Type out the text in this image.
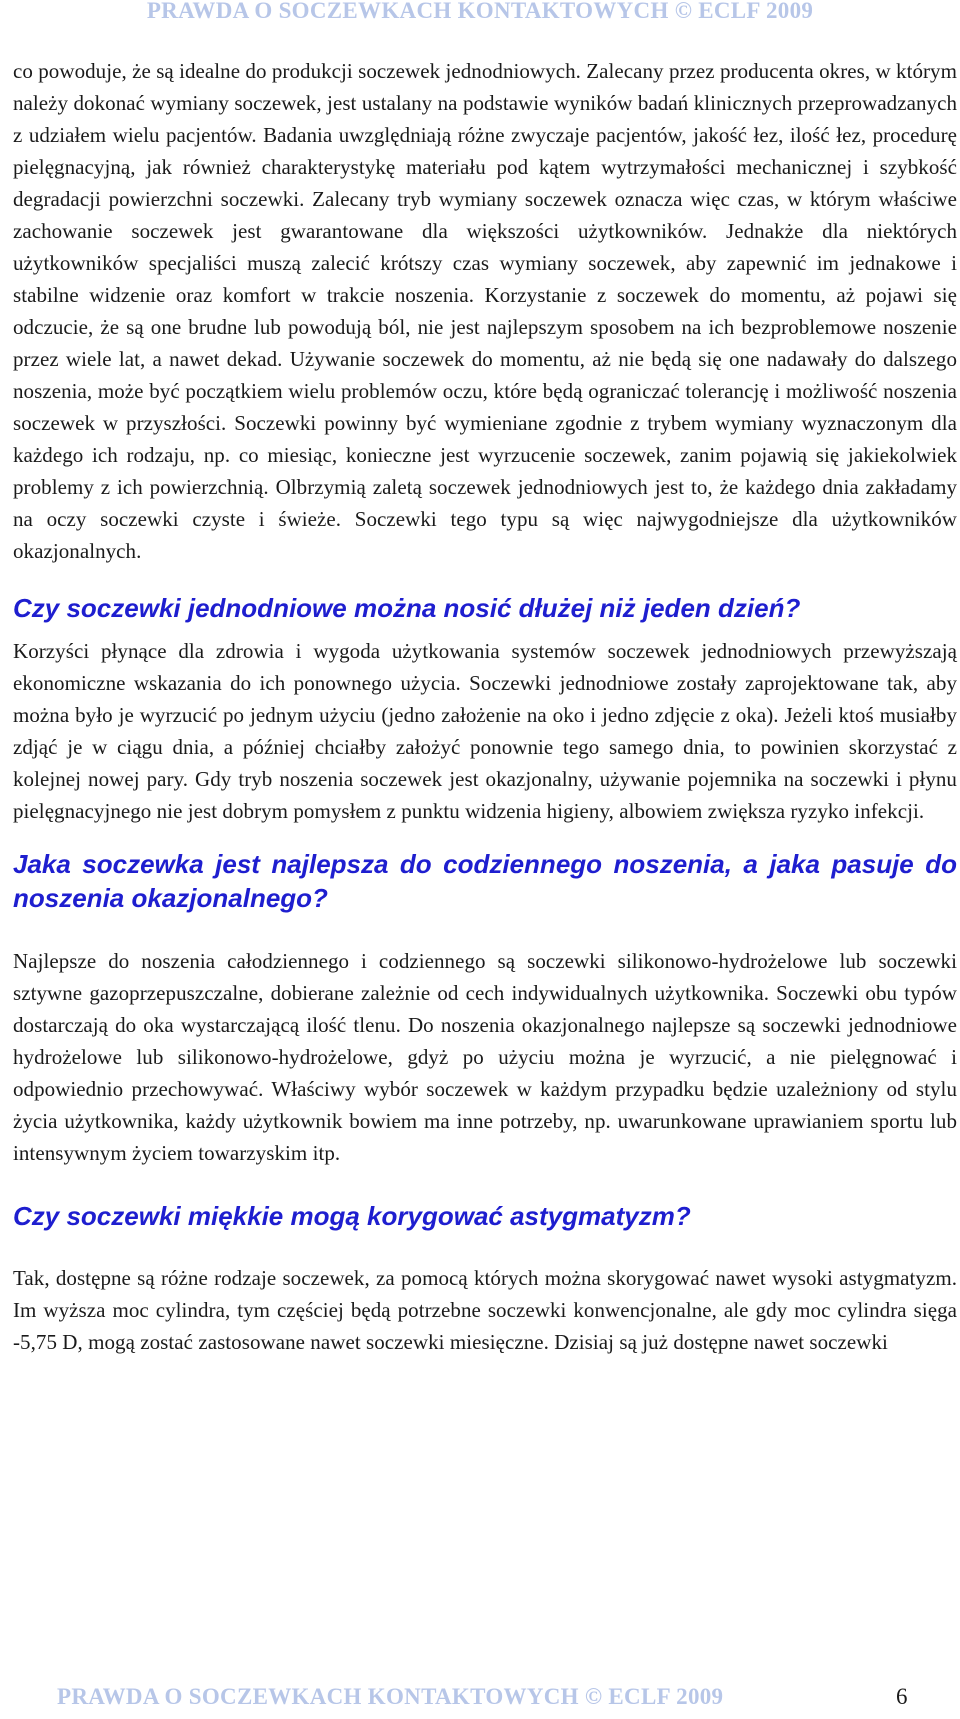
PRAWDA O SOCZEWKACH KONTAKTOWYCH © ECLF 2009

co powoduje, że są idealne do produkcji soczewek jednodniowych. Zalecany przez producenta okres, w którym należy dokonać wymiany soczewek, jest ustalany na podstawie wyników badań klinicznych przeprowadzanych z udziałem wielu pacjentów. Badania uwzględniają różne zwyczaje pacjentów, jakość łez, ilość łez, procedurę pielęgnacyjną, jak również charakterystykę materiału pod kątem wytrzymałości mechanicznej i szybkość degradacji powierzchni soczewki. Zalecany tryb wymiany soczewek oznacza więc czas, w którym właściwe zachowanie soczewek jest gwarantowane dla większości użytkowników. Jednakże dla niektórych użytkowników specjaliści muszą zalecić krótszy czas wymiany soczewek, aby zapewnić im jednakowe i stabilne widzenie oraz komfort w trakcie noszenia. Korzystanie z soczewek do momentu, aż pojawi się odczucie, że są one brudne lub powodują ból, nie jest najlepszym sposobem na ich bezproblemowe noszenie przez wiele lat, a nawet dekad. Używanie soczewek do momentu, aż nie będą się one nadawały do dalszego noszenia, może być początkiem wielu problemów oczu, które będą ograniczać tolerancję i możliwość noszenia soczewek w przyszłości. Soczewki powinny być wymieniane zgodnie z trybem wymiany wyznaczonym dla każdego ich rodzaju, np. co miesiąc, konieczne jest wyrzucenie soczewek, zanim pojawią się jakiekolwiek problemy z ich powierzchnią. Olbrzymią zaletą soczewek jednodniowych jest to, że każdego dnia zakładamy na oczy soczewki czyste i świeże. Soczewki tego typu są więc najwygodniejsze dla użytkowników okazjonalnych.

Czy soczewki jednodniowe można nosić dłużej niż jeden dzień?

Korzyści płynące dla zdrowia i wygoda użytkowania systemów soczewek jednodniowych przewyższają ekonomiczne wskazania do ich ponownego użycia. Soczewki jednodniowe zostały zaprojektowane tak, aby można było je wyrzucić po jednym użyciu (jedno założenie na oko i jedno zdjęcie z oka). Jeżeli ktoś musiałby zdjąć je w ciągu dnia, a później chciałby założyć ponownie tego samego dnia, to powinien skorzystać z kolejnej nowej pary. Gdy tryb noszenia soczewek jest okazjonalny, używanie pojemnika na soczewki i płynu pielęgnacyjnego nie jest dobrym pomysłem z punktu widzenia higieny, albowiem zwiększa ryzyko infekcji.

Jaka soczewka jest najlepsza do codziennego noszenia, a jaka pasuje do noszenia okazjonalnego?

Najlepsze do noszenia całodziennego i codziennego są soczewki silikonowo-hydrożelowe lub soczewki sztywne gazoprzepuszczalne, dobierane zależnie od cech indywidualnych użytkownika. Soczewki obu typów dostarczają do oka wystarczającą ilość tlenu. Do noszenia okazjonalnego najlepsze są soczewki jednodniowe hydrożelowe lub silikonowo-hydrożelowe, gdyż po użyciu można je wyrzucić, a nie pielęgnować i odpowiednio przechowywać. Właściwy wybór soczewek w każdym przypadku będzie uzależniony od stylu życia użytkownika, każdy użytkownik bowiem ma inne potrzeby, np. uwarunkowane uprawianiem sportu lub intensywnym życiem towarzyskim itp.

Czy soczewki miękkie mogą korygować astygmatyzm?

Tak, dostępne są różne rodzaje soczewek, za pomocą których można skorygować nawet wysoki astygmatyzm. Im wyższa moc cylindra, tym częściej będą potrzebne soczewki konwencjonalne, ale gdy moc cylindra sięga -5,75 D, mogą zostać zastosowane nawet soczewki miesięczne. Dzisiaj są już dostępne nawet soczewki

PRAWDA O SOCZEWKACH KONTAKTOWYCH © ECLF 2009	6
